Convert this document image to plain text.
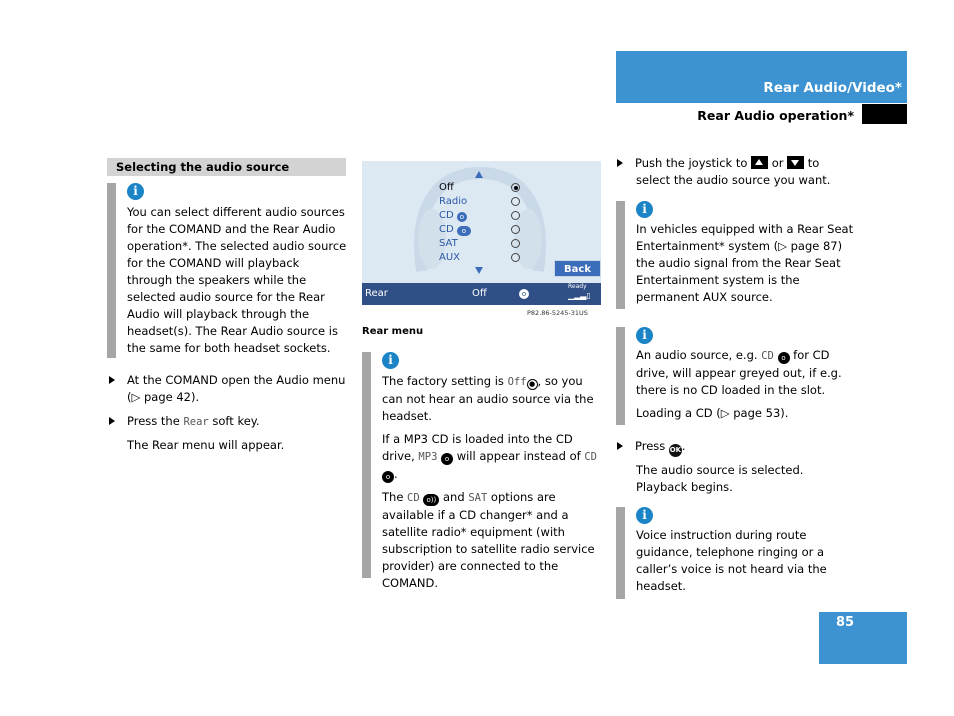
Rear Audio/Video*
Rear Audio operation*
Selecting the audio source
i

You can select different audio sources for the COMAND and the Rear Audio operation*. The selected audio source for the COMAND will playback through the speakers while the selected audio source for the Rear Audio will playback through the headset(s). The Rear Audio source is the same for both headset sockets.

At the COMAND open the Audio menu
(▷ page 42).
Press the Rear soft key.
The Rear menu will appear.
Off
Radio
CD o
CD o
SAT
AUX
Back
Rear	Off	o
Ready
▁▂▃▯
P82.86-5245-31US
Rear menu
i

The factory setting is Off ● , so you can not hear an audio source via the headset.

If a MP3 CD is loaded into the CD drive, MP3 o will appear instead of CD o .

The CD o)) and SAT options are available if a CD changer* and a satellite radio* equipment (with subscription to satellite radio service provider) are connected to the COMAND.

Push the joystick to
or
to
select the audio source you want.
i

In vehicles equipped with a Rear Seat Entertainment* system (▷ page 87) the audio signal from the Rear Seat Entertainment system is the permanent AUX source.

i

An audio source, e.g. CD o for CD drive, will appear greyed out, if e.g. there is no CD loaded in the slot.

Loading a CD (▷ page 53).

Press OK.
The audio source is selected. Playback begins.
i

Voice instruction during route guidance, telephone ringing or a caller’s voice is not heard via the headset.

85
